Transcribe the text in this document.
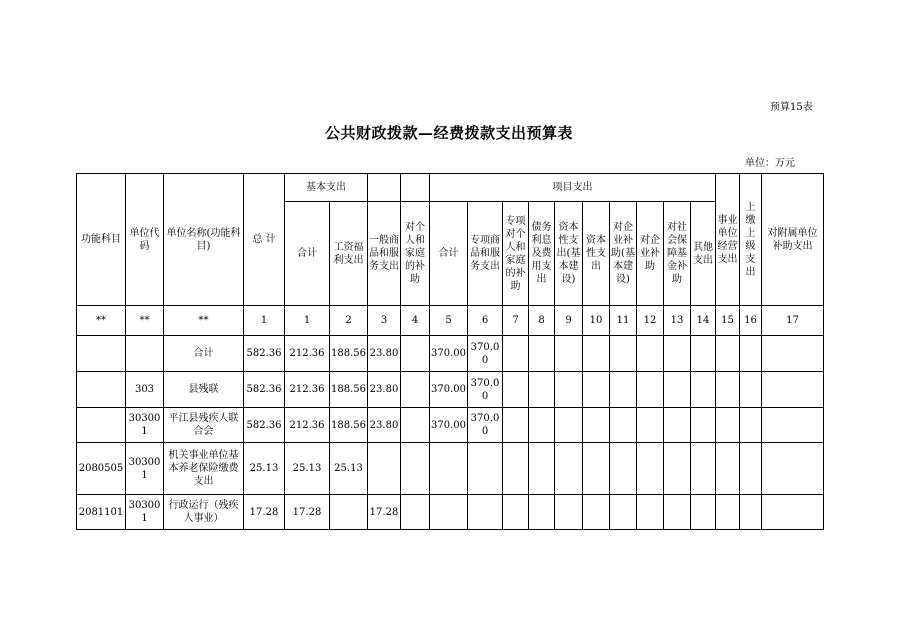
预算15表
公共财政拨款—经费拨款支出预算表
单位：万元
功能科目	单位代码	单位名称(功能科目)	总 计	基本支出				项目支出										事业单位经营支出	上缴上级支出	对附属单位补助支出
				合计	工资福利支出	一般商品和服务支出	对个人和家庭的补助	合计	专项商品和服务支出	专项对个人和家庭的补助	债务利息及费用支出	资本性支出(基本建设)	资本性支出	对企业补助(基本建设)	对企业补助	对社会保障基金补助	其他支出			
**	**	**	1	1	2	3	4	5	6	7	8	9	10	11	12	13	14	15	16	17
		合计	582.36	212.36	188.56	23.80		370.00	370.00											
	303	县残联	582.36	212.36	188.56	23.80		370.00	370.00											
	303001	平江县残疾人联合会	582.36	212.36	188.56	23.80		370.00	370.00											
2080505	303001	机关事业单位基本养老保险缴费支出	25.13	25.13	25.13															
2081101	303001	行政运行（残疾人事业）	17.28	17.28		17.28														
